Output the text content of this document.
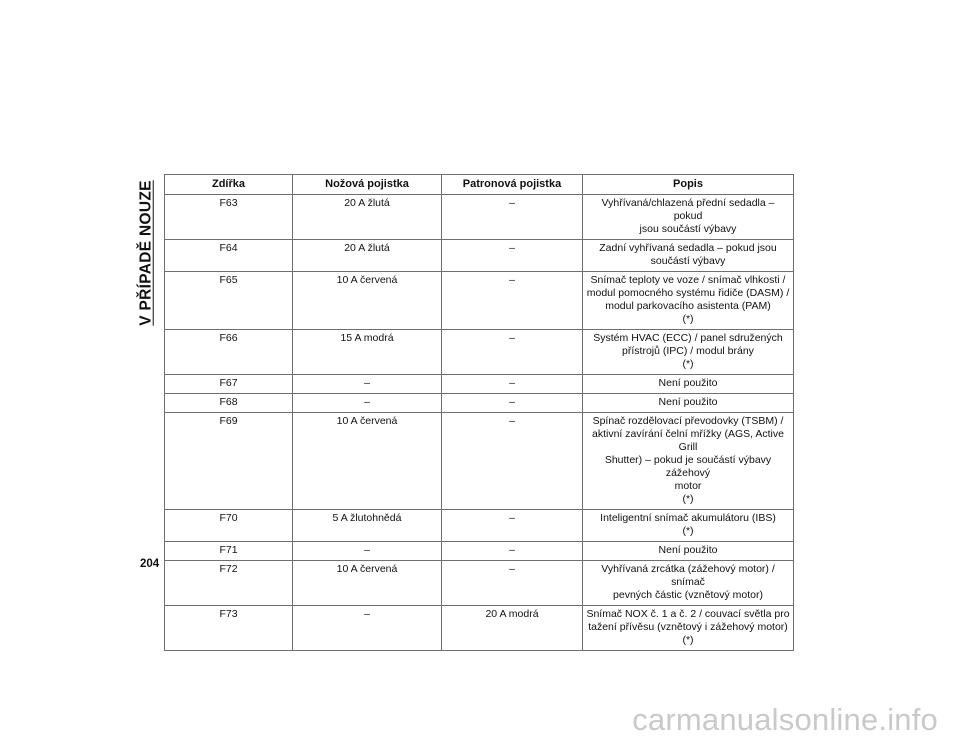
V PŘÍPADĚ NOUZE	Zdířka	Nožová pojistka	Patronová pojistka	Popis
F63	20 A žlutá	–	Vyhřívaná/chlazená přední sedadla – pokud
jsou součástí výbavy

F64	20 A žlutá	–	Zadní vyhřívaná sedadla – pokud jsou
součástí výbavy

F65	10 A červená	–	Snímač teploty ve voze / snímač vlhkosti /
modul pomocného systému řidiče (DASM) /
modul parkovacího asistenta (PAM)
(*)

F66	15 A modrá	–	Systém HVAC (ECC) / panel sdružených
přístrojů (IPC) / modul brány
(*)

F67	–	–	Není použito

F68	–	–	Není použito

F69	10 A červená	–	Spínač rozdělovací převodovky (TSBM) /
aktivní zavírání čelní mřížky (AGS, Active Grill
Shutter) – pokud je součástí výbavy zážehový
motor
(*)

F70	5 A žlutohnědá	–	Inteligentní snímač akumulátoru (IBS)
(*)

F71	–	–	Není použito

F72	10 A červená	–	Vyhřívaná zrcátka (zážehový motor) / snímač
pevných částic (vznětový motor)

F73	–	20 A modrá	Snímač NOX č. 1 a č. 2 / couvací světla pro
tažení přívěsu (vznětový i zážehový motor)
(*)
204
carmanualsonline.info
